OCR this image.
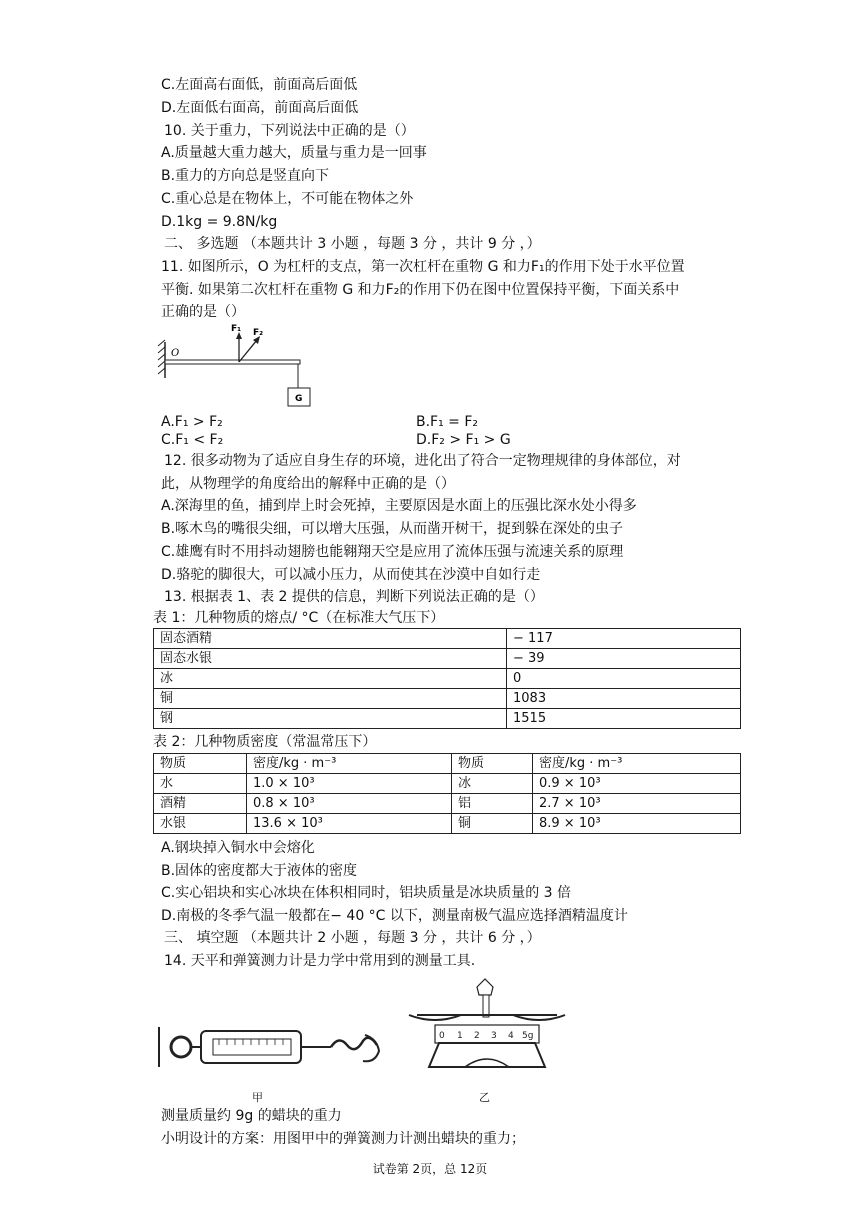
C.左面高右面低，前面高后面低
D.左面低右面高，前面高后面低
10. 关于重力，下列说法中正确的是（）
A.质量越大重力越大，质量与重力是一回事
B.重力的方向总是竖直向下
C.重心总是在物体上，不可能在物体之外
D.1kg = 9.8N/kg
二、 多选题 （本题共计 3 小题 ，每题 3 分 ，共计 9 分 ，）
11. 如图所示，O 为杠杆的支点，第一次杠杆在重物 G 和力F₁的作用下处于水平位置
平衡. 如果第二次杠杆在重物 G 和力F₂的作用下仍在图中位置保持平衡，下面关系中
正确的是（）
O
F₁ F₂
G
A.F₁ > F₂	B.F₁ = F₂
C.F₁ < F₂	D.F₂ > F₁ > G
12. 很多动物为了适应自身生存的环境，进化出了符合一定物理规律的身体部位，对
此，从物理学的角度给出的解释中正确的是（）
A.深海里的鱼，捕到岸上时会死掉，主要原因是水面上的压强比深水处小得多
B.啄木鸟的嘴很尖细，可以增大压强，从而凿开树干，捉到躲在深处的虫子
C.雄鹰有时不用抖动翅膀也能翱翔天空是应用了流体压强与流速关系的原理
D.骆驼的脚很大，可以减小压力，从而使其在沙漠中自如行走
13. 根据表 1、表 2 提供的信息，判断下列说法正确的是（）
表 1：几种物质的熔点/ °C（在标准大气压下）
固态酒精	− 117
固态水银	− 39
冰	0
铜	1083
钢	1515
表 2：几种物质密度（常温常压下）
物质	密度/kg · m⁻³	物质	密度/kg · m⁻³
水	1.0 × 10³	冰	0.9 × 10³
酒精	0.8 × 10³	铝	2.7 × 10³
水银	13.6 × 10³	铜	8.9 × 10³
A.钢块掉入铜水中会熔化
B.固体的密度都大于液体的密度
C.实心铝块和实心冰块在体积相同时，铝块质量是冰块质量的 3 倍
D.南极的冬季气温一般都在− 40 °C 以下，测量南极气温应选择酒精温度计
三、 填空题 （本题共计 2 小题 ，每题 3 分 ，共计 6 分 ，）
14. 天平和弹簧测力计是力学中常用到的测量工具.
甲
0 1 2 3 4 5g
乙
测量质量约 9g 的蜡块的重力
小明设计的方案：用图甲中的弹簧测力计测出蜡块的重力；
试卷第 2页，总 12页
